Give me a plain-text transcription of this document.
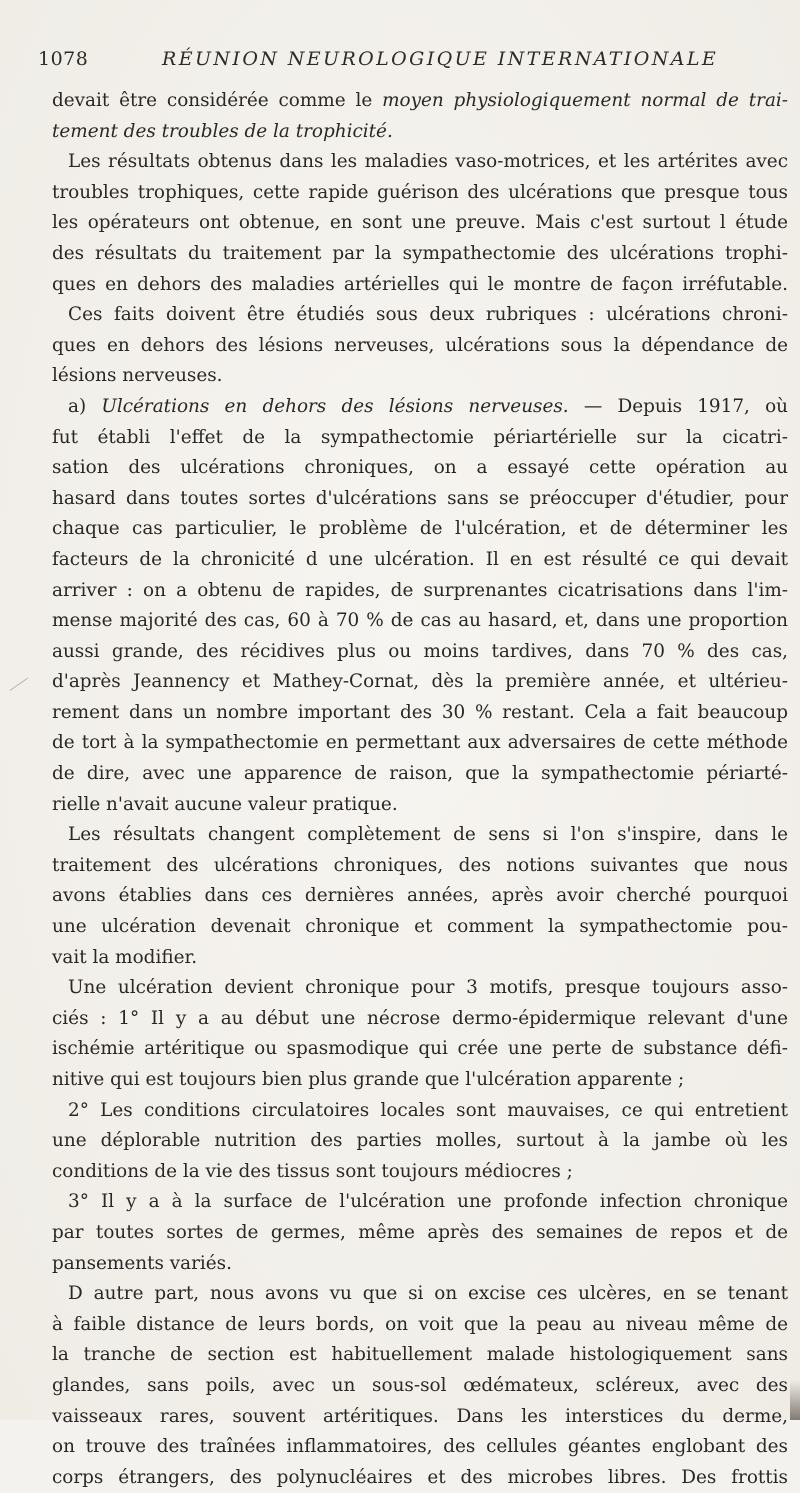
1078	RÉUNION NEUROLOGIQUE INTERNATIONALE
devait être considérée comme le moyen physiologiquement normal de trai-
tement des troubles de la trophicité.
Les résultats obtenus dans les maladies vaso-motrices, et les artérites avec
troubles trophiques, cette rapide guérison des ulcérations que presque tous
les opérateurs ont obtenue, en sont une preuve. Mais c'est surtout l étude
des résultats du traitement par la sympathectomie des ulcérations trophi-
ques en dehors des maladies artérielles qui le montre de façon irréfutable.
Ces faits doivent être étudiés sous deux rubriques : ulcérations chroni-
ques en dehors des lésions nerveuses, ulcérations sous la dépendance de
lésions nerveuses.
a) Ulcérations en dehors des lésions nerveuses. — Depuis 1917, où
fut établi l'effet de la sympathectomie périartérielle sur la cicatri-
sation des ulcérations chroniques, on a essayé cette opération au
hasard dans toutes sortes d'ulcérations sans se préoccuper d'étudier, pour
chaque cas particulier, le problème de l'ulcération, et de déterminer les
facteurs de la chronicité d une ulcération. Il en est résulté ce qui devait
arriver : on a obtenu de rapides, de surprenantes cicatrisations dans l'im-
mense majorité des cas, 60 à 70 % de cas au hasard, et, dans une proportion
aussi grande, des récidives plus ou moins tardives, dans 70 % des cas,
d'après Jeannency et Mathey-Cornat, dès la première année, et ultérieu-
rement dans un nombre important des 30 % restant. Cela a fait beaucoup
de tort à la sympathectomie en permettant aux adversaires de cette méthode
de dire, avec une apparence de raison, que la sympathectomie périarté-
rielle n'avait aucune valeur pratique.
Les résultats changent complètement de sens si l'on s'inspire, dans le
traitement des ulcérations chroniques, des notions suivantes que nous
avons établies dans ces dernières années, après avoir cherché pourquoi
une ulcération devenait chronique et comment la sympathectomie pou-
vait la modifier.
Une ulcération devient chronique pour 3 motifs, presque toujours asso-
ciés : 1° Il y a au début une nécrose dermo-épidermique relevant d'une
ischémie artéritique ou spasmodique qui crée une perte de substance défi-
nitive qui est toujours bien plus grande que l'ulcération apparente ;
2° Les conditions circulatoires locales sont mauvaises, ce qui entretient
une déplorable nutrition des parties molles, surtout à la jambe où les
conditions de la vie des tissus sont toujours médiocres ;
3° Il y a à la surface de l'ulcération une profonde infection chronique
par toutes sortes de germes, même après des semaines de repos et de
pansements variés.
D autre part, nous avons vu que si on excise ces ulcères, en se tenant
à faible distance de leurs bords, on voit que la peau au niveau même de
la tranche de section est habituellement malade histologiquement sans
glandes, sans poils, avec un sous-sol œdémateux, scléreux, avec des
vaisseaux rares, souvent artéritiques. Dans les interstices du derme,
on trouve des traînées inflammatoires, des cellules géantes englobant des
corps étrangers, des polynucléaires et des microbes libres. Des frottis
